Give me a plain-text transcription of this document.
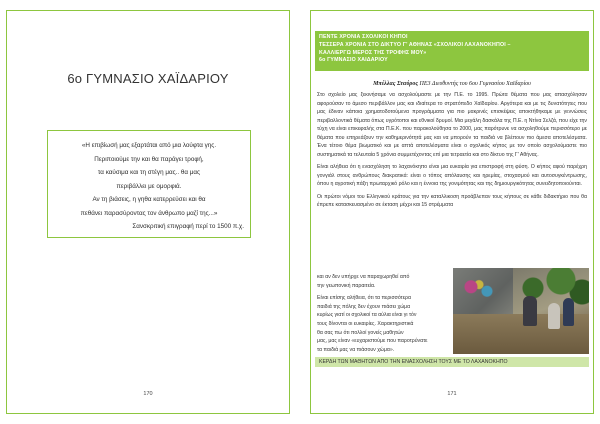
6ο ΓΥΜΝΑΣΙΟ ΧΑΪΔΑΡΙΟΥ

«Η επιβίωσή μας εξαρτάται από μια λούφτα γης.

Περιποιούμε την και θα παράγει τροφή,

τα καύσιμα και τη στέγη μας.. θα μας

περιβάλλει με ομορφιά.

Αν τη βιάσεις, η γηθα κατερρεύσει και θα

πεθάνει παρασύροντας τον άνθρωπο μαζί της...»

Σανσκριτική επιγραφή περί το 1500 π.χ.

170
ΠΕΝΤΕ ΧΡΟΝΙΑ ΣΧΟΛΙΚΟΙ ΚΗΠΟΙ
ΤΕΣΣΕΡΑ ΧΡΟΝΙΑ ΣΤΟ ΔΙΚΤΥΟ Γ' ΑΘΗΝΑΣ «ΣΧΟΛΙΚΟΙ ΛΑΧΑΝΟΚΗΠΟΙ –
ΚΑΛΛΙΕΡΓΩ ΜΕΡΟΣ ΤΗΣ ΤΡΟΦΗΣ ΜΟΥ»
6ο ΓΥΜΝΑΣΙΟ ΧΑΪΔΑΡΙΟΥ
Μπέλλας Σταύρος ΠΕ3 Διευθυντής του 6ου Γυμνασίου Χαϊδαρίου

Στο σχολείο μας ξεκινήσαμε να ασχολούμαστε με την Π.Ε. το 1995. Πρώτα θέματα που μας απασχόλησαν αφορούσαν το άμεσο περιβάλλον μας και ιδιαίτερα το στρατόπεδο Χαϊδαρίου. Αργότερα και με τις δυνατότητες που μας έδιναν κάποια χρηματοδοτούμενα προγράμματα για πιο μακρινές επισκέψεις αποκτήθηκαμε με γεννώσεις περιβαλλοντικά θέματα όπως υγρότοποι και εθνικοί δρυμοί. Μια μεγάλη δασκάλα της Π.Ε. η Ντίνα Σελζά, που είχε την τύχη να είναι επικεφαλής στα Π.Ε.Κ. που παρακολούθησα το 2000, μας παρότρυνε να ασχοληθούμε περισσότερο με θέματα που επηρεάζουν την καθημερινότητά μας και να μπορούν τα παιδιά να βλέπουν πιο άμεσα αποτελέσματα. Ένα τέτοιο θέμα βιωματικό και με απτά αποτελέσματα είναι ο σχολικός κήπος με τον οποίο ασχολούμαστε πιο συστηματικά τα τελευταία 5 χρόνια συμμετέχοντας επί μια τετραετία και στο δίκτυο της Γ' Αθήνας.

Είναι αλήθεια ότι η ενασχόληση το λαχανόκηπο είναι μια ευκαιρία για επιστροφή στη φύση. Ο κήπος αφού παρέχρη γονγιάλ στους ανθρώπους διακρατικά: είναι ο τόπος απόλαυσης και ηρεμίας, στοχασμού και αυτοσυγκέντρωσης, όπου η αγροτική πάξη πρωταρχικό ρόλο και η έννοια της γονιμότητας και της δημιουργικότητας συνειδητοποιούνται.

Οι πρώτοι νόμοι του Ελληνικού κράτους για την καταλλικοση προάβλεπαν τους κήπους σε κάθε διδακτήριο που θα έπρεπε κατασκευασμένο σε έκταση μέχρι και 15 στρέμματα

και αν δεν υπήρχε να παραχωρηθεί από
την γεωπονική παραιτεία.
Είναι επίσης αλήθεια, ότι τα περισσότερα
παιδιά της πόλης δεν έχουν πιάσει χώμα
κυρίως γιατί οι σχολικοί τα αύλια είναι γι τόν
τους δίνονται οι ευκαιρίες. Χαρακτηριστικά
θα σας πω ότι πολλοί γονείς μαθητών
μας, μας είναν «ευχαριστούμε που παροτρύνατε
τα παιδιά μας να πιάσουν χώμα».
ΚΕΡΔΗ ΤΩΝ ΜΑΘΗΤΩΝ ΑΠΟ ΤΗΝ ΕΝΑΣΧΟΛΗΣΗ ΤΟΥΣ ΜΕ ΤΟ ΛΑΧΑΝΟΚΗΠΟ
171
